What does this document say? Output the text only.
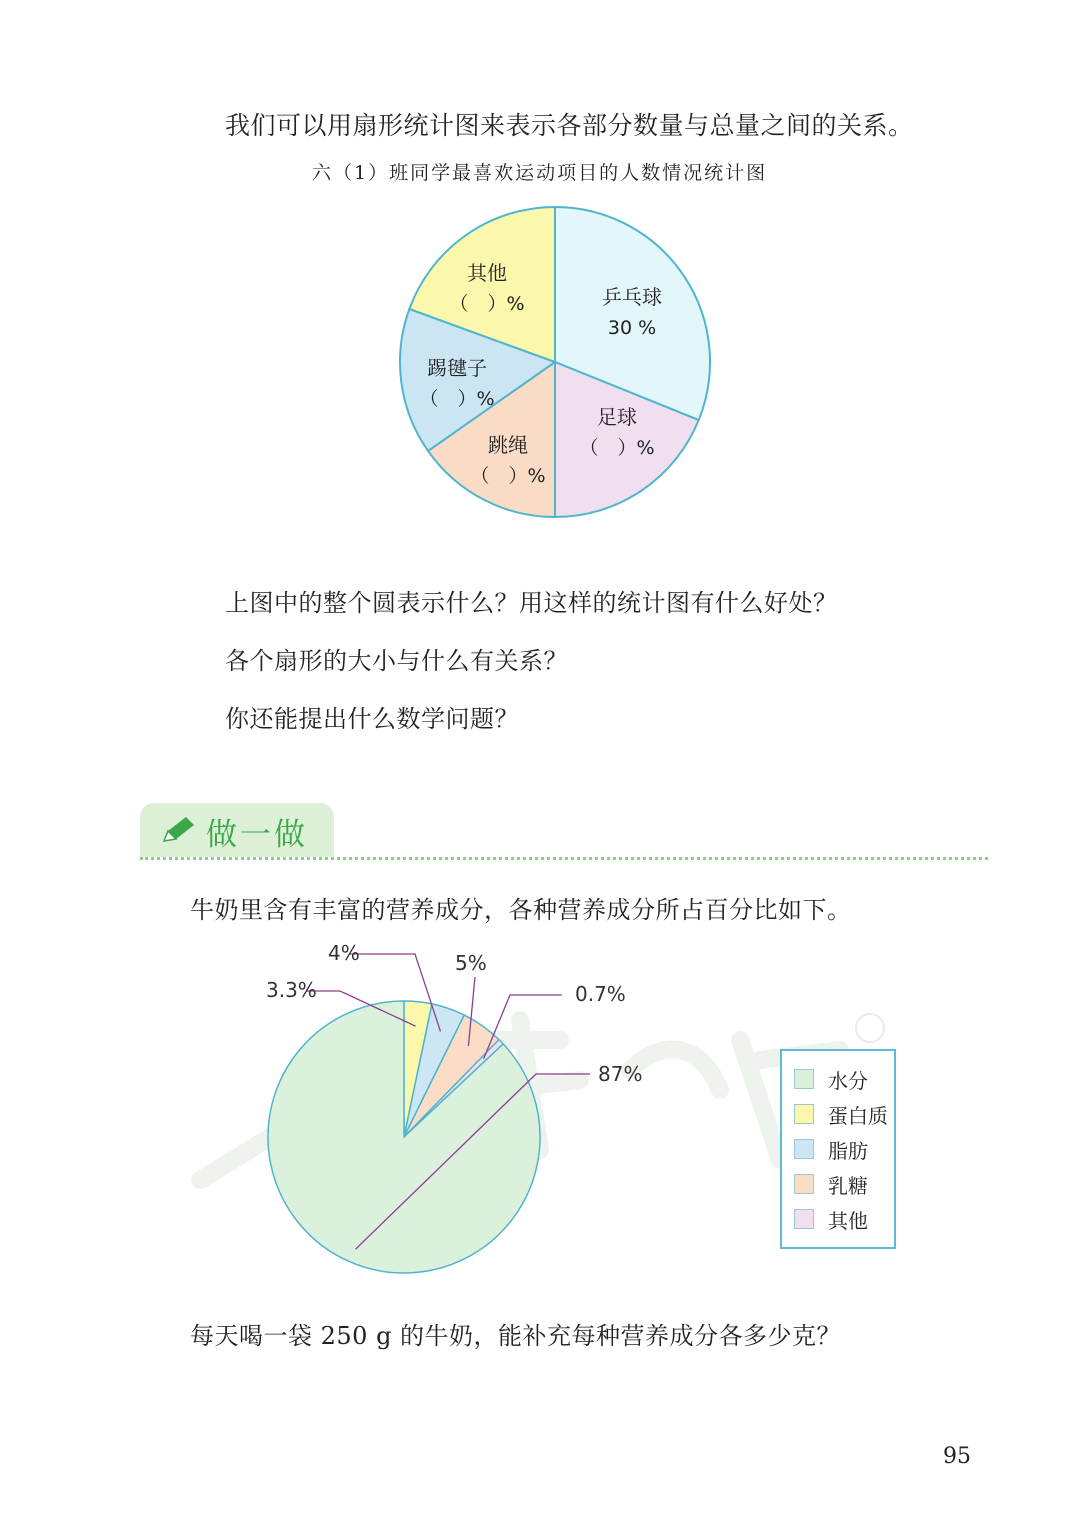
我们可以用扇形统计图来表示各部分数量与总量之间的关系。
六（1）班同学最喜欢运动项目的人数情况统计图
乒乓球
30 %
足球
（　）%
跳绳
（　）%
踢毽子
（　）%
其他
（　）%
上图中的整个圆表示什么？用这样的统计图有什么好处？
各个扇形的大小与什么有关系？
你还能提出什么数学问题？
做一做
牛奶里含有丰富的营养成分，各种营养成分所占百分比如下。
87%
3.3%
4%	5%
0.7%
水分
蛋白质
脂肪
乳糖
其他
每天喝一袋 250 g 的牛奶，能补充每种营养成分各多少克？
95
